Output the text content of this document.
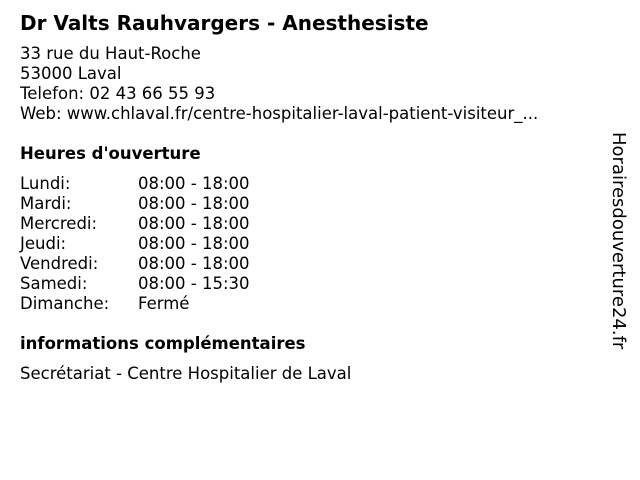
Dr Valts Rauhvargers - Anesthesiste
33 rue du Haut-Roche
53000 Laval
Telefon: 02 43 66 55 93
Web: www.chlaval.fr/centre-hospitalier-laval-patient-visiteur_...
Heures d'ouverture
Lundi:	08:00 - 18:00
Mardi:	08:00 - 18:00
Mercredi: 08:00 - 18:00
Jeudi:	08:00 - 18:00
Vendredi: 08:00 - 18:00
Samedi:	08:00 - 15:30
Dimanche: Fermé
informations complémentaires
Secrétariat - Centre Hospitalier de Laval
Horairesdouverture24.fr
